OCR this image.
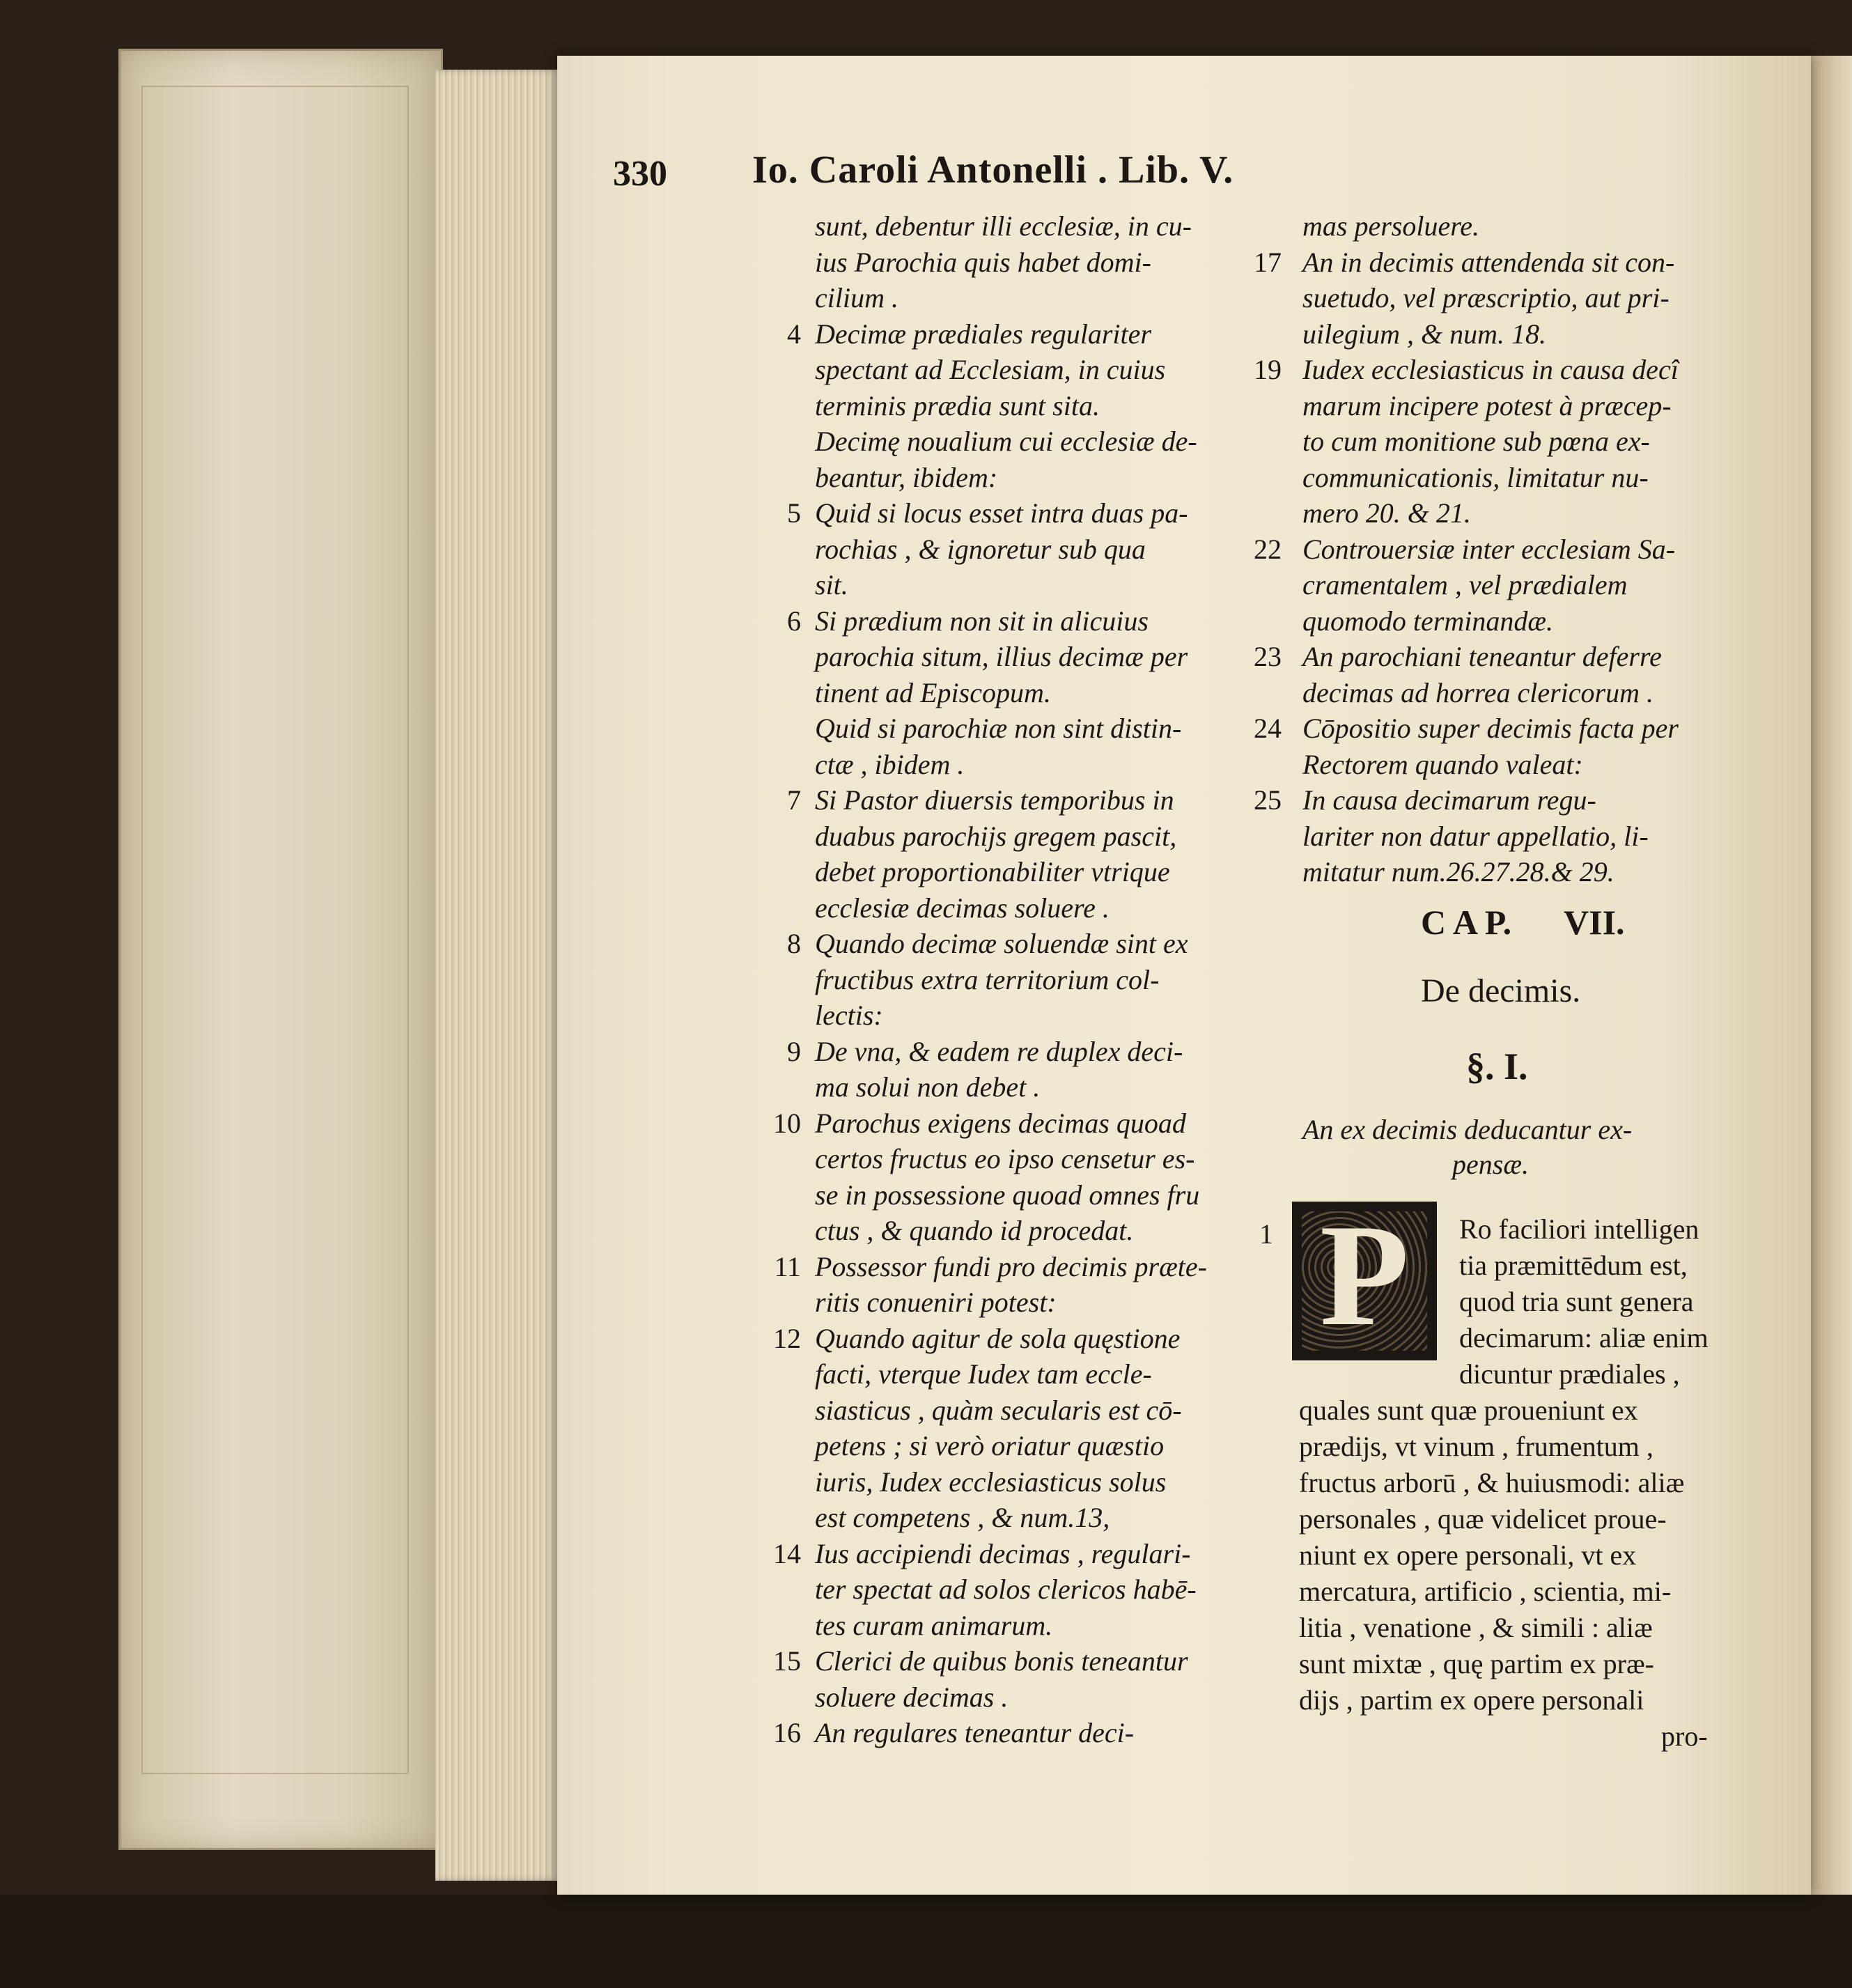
330 Io. Caroli Antonelli . Lib. V.
sunt, debentur illi ecclesiæ, in cu-
ius Parochia quis habet domi-
cilium .
4 Decimæ prædiales regulariter
spectant ad Ecclesiam, in cuius
terminis prædia sunt sita.
Decimę noualium cui ecclesiæ de-
beantur, ibidem:
5 Quid si locus esset intra duas pa-
rochias , & ignoretur sub qua
sit.
6 Si prædium non sit in alicuius
parochia situm, illius decimæ per
tinent ad Episcopum.
Quid si parochiæ non sint distin-
ctæ , ibidem .
7 Si Pastor diuersis temporibus in
duabus parochijs gregem pascit,
debet proportionabiliter vtrique
ecclesiæ decimas soluere .
8 Quando decimæ soluendæ sint ex
fructibus extra territorium col-
lectis:
9 De vna, & eadem re duplex deci-
ma solui non debet .
10 Parochus exigens decimas quoad
certos fructus eo ipso censetur es-
se in possessione quoad omnes fru
ctus , & quando id procedat.
11 Possessor fundi pro decimis præte-
ritis conueniri potest:
12 Quando agitur de sola quęstione
facti, vterque Iudex tam eccle-
siasticus , quàm secularis est cō-
petens ; si verò oriatur quæstio
iuris, Iudex ecclesiasticus solus
est competens , & num.13,
14 Ius accipiendi decimas , regulari-
ter spectat ad solos clericos habē-
tes curam animarum.
15 Clerici de quibus bonis teneantur
soluere decimas .
16 An regulares teneantur deci-
mas persoluere.
17 An in decimis attendenda sit con-
suetudo, vel præscriptio, aut pri-
uilegium , & num. 18.
19 Iudex ecclesiasticus in causa decî
marum incipere potest à præcep-
to cum monitione sub pœna ex-
communicationis, limitatur nu-
mero 20. & 21.
22 Controuersiæ inter ecclesiam Sa-
cramentalem , vel prædialem
quomodo terminandæ.
23 An parochiani teneantur deferre
decimas ad horrea clericorum .
24 Cōpositio super decimis facta per
Rectorem quando valeat:
25 In causa decimarum regu-
lariter non datur appellatio, li-
mitatur num.26.27.28.& 29.
C A P. VII.
De decimis.
§. I.
An ex decimis deducantur ex-
pensæ.
P
1	Ro faciliori intelligen
tia præmittēdum est,
quod tria sunt genera
decimarum: aliæ enim
dicuntur prædiales ,
quales sunt quæ proueniunt ex
prædijs, vt vinum , frumentum ,
fructus arborū , & huiusmodi: aliæ
personales , quæ videlicet proue-
niunt ex opere personali, vt ex
mercatura, artificio , scientia, mi-
litia , venatione , & simili : aliæ
sunt mixtæ , quę partim ex præ-
dijs , partim ex opere personali
pro-
